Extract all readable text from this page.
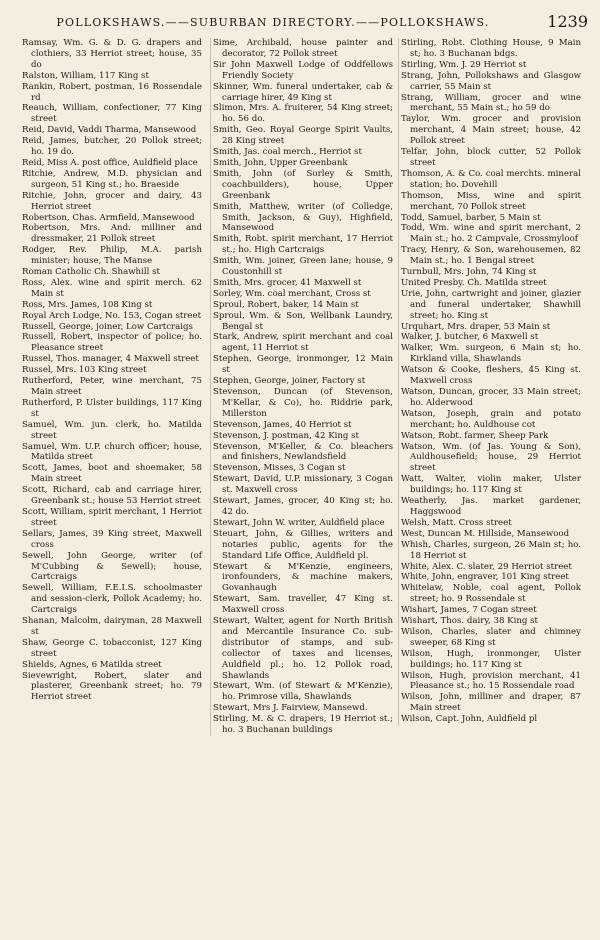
POLLOKSHAWS.——SUBURBAN DIRECTORY.——POLLOKSHAWS.	1239

Ramsay, Wm. G. & D. G. drapers and clothiers, 33 Herriot street; house, 35 do

Ralston, William, 117 King st

Rankin, Robert, postman, 16 Rossendale rd

Reauch, William, confectioner, 77 King street

Reid, David, Vaddi Tharma, Mansewood

Reid, James, butcher, 20 Pollok street; ho. 19 do.

Reid, Miss A. post office, Auldfield place

Ritchie, Andrew, M.D. physician and surgeon, 51 King st.; ho. Braeside

Ritchie, John, grocer and dairy, 43 Herriot street

Robertson, Chas. Armfield, Mansewood

Robertson, Mrs. And. milliner and dressmaker, 21 Pollok street

Rodger, Rev. Philip, M.A. parish minister; house, The Manse

Roman Catholic Ch. Shawhill st

Ross, Alex. wine and spirit merch. 62 Main st

Ross, Mrs. James, 108 King st

Royal Arch Lodge, No. 153, Cogan street

Russell, George, joiner, Low Cartcraigs

Russell, Robert, inspector of police; ho. Pleasance street

Russel, Thos. manager, 4 Maxwell street

Russel, Mrs. 103 King street

Rutherford, Peter, wine merchant, 75 Main street

Rutherford, P. Ulster buildings, 117 King st

Samuel, Wm. jun. clerk, ho. Matilda street

Samuel, Wm. U.P. church officer; house, Matilda street

Scott, James, boot and shoemaker, 58 Main street

Scott, Richard, cab and carriage hirer, Greenbank st.; house 53 Herriot street

Scott, William, spirit merchant, 1 Herriot street

Sellars, James, 39 King street, Maxwell cross

Sewell, John George, writer (of M'Cubbing & Sewell); house, Cartcraigs

Sewell, William, F.E.I.S. schoolmaster and session-clerk, Pollok Academy; ho. Cartcraigs

Shanan, Malcolm, dairyman, 28 Maxwell st

Shaw, George C. tobacconist, 127 King street

Shields, Agnes, 6 Matilda street

Sievewright, Robert, slater and plasterer, Greenbank street; ho. 79 Herriot street

Sime, Archibald, house painter and decorator, 72 Pollok street

Sir John Maxwell Lodge of Oddfellows Friendly Society

Skinner, Wm. funeral undertaker, cab & carriage hirer, 49 King st

Slimon, Mrs. A. fruiterer, 54 King street; ho. 56 do.

Smith, Geo. Royal George Spirit Vaults, 28 King street

Smith, Jas. coal merch., Herriot st

Smith, John, Upper Greenbank

Smith, John (of Sorley & Smith, coachbuilders), house, Upper Greenbank

Smith, Matthew, writer (of Colledge, Smith, Jackson, & Guy), Highfield, Mansewood

Smith, Robt. spirit merchant, 17 Herriot st.; ho. High Cartcraigs

Smith, Wm. joiner, Green lane; house, 9 Coustonhill st

Smith, Mrs. grocer, 41 Maxwell st

Sorley, Wm. coal merchant, Cross st

Sproul, Robert, baker, 14 Main st

Sproul, Wm. & Son, Wellbank Laundry, Bengal st

Stark, Andrew, spirit merchant and coal agent, 11 Herriot st

Stephen, George, ironmonger, 12 Main st

Stephen, George, joiner, Factory st

Stevenson, Duncan (of Stevenson, M'Kellar, & Co), ho. Riddrie park, Millerston

Stevenson, James, 40 Herriot st

Stevenson, J. postman, 42 King st

Stevenson, M'Keller, & Co. bleachers and finishers, Newlandsfield

Stevenson, Misses, 3 Cogan st

Stewart, David, U.P. missionary, 3 Cogan st. Maxwell cross

Stewart, James, grocer, 40 King st; ho. 42 do.

Stewart, John W. writer, Auldfield place

Steuart, John, & Gillies, writers and notaries public, agents for the Standard Life Office, Auldfield pl.

Stewart & M'Kenzie, engineers, ironfounders, & machine makers, Govanhaugh

Stewart, Sam. traveller, 47 King st. Maxwell cross

Stewart, Walter, agent for North British and Mercantile Insurance Co. sub-distributor of stamps, and sub-collector of taxes and licenses, Auldfield pl.; ho. 12 Pollok road, Shawlands

Stewart, Wm. (of Stewart & M'Kenzie), ho. Primrose villa, Shawlands

Stewart, Mrs J. Fairview, Mansewd.

Stirling, M. & C. drapers, 19 Herriot st.; ho. 3 Buchanan buildings

Stirling, Robt. Clothing House, 9 Main st; ho. 3 Buchanan bdgs.

Stirling, Wm. J. 29 Herriot st

Strang, John, Pollokshaws and Glasgow carrier, 55 Main st

Strang, William, grocer and wine merchant, 55 Main st.; ho 59 do

Taylor, Wm. grocer and provision merchant, 4 Main street; house, 42 Pollok street

Telfar, John, block cutter, 52 Pollok street

Thomson, A. & Co. coal merchts. mineral station; ho. Dovehill

Thomson, Miss, wine and spirit merchant, 70 Pollok street

Todd, Samuel, barber, 5 Main st

Todd, Wm. wine and spirit merchant, 2 Main st.; ho. 2 Campvale, Crossmyloof

Tracy, Henry, & Son, warehousemen, 82 Main st.; ho. 1 Bengal street

Turnbull, Mrs. John, 74 King st

United Presby. Ch. Matilda street

Urie, John, cartwright and joiner, glazier and funeral undertaker, Shawhill street; ho. King st

Urquhart, Mrs. draper, 53 Main st

Walker, J. butcher, 6 Maxwell st

Walker, Wm. surgeon, 6 Main st; ho. Kirkland villa, Shawlands

Watson & Cooke, fleshers, 45 King st. Maxwell cross

Watson, Duncan, grocer, 33 Main street; ho. Alderwood

Watson, Joseph, grain and potato merchant; ho. Auldhouse cot

Watson, Robt. farmer, Sheep Park

Watson, Wm. (of Jas. Young & Son), Auldhousefield; house, 29 Herriot street

Watt, Walter, violin maker, Ulster buildings; ho. 117 King st

Weatherly, Jas. market gardener, Haggswood

Welsh, Matt. Cross street

West, Duncan M. Hillside, Mansewood

Whish, Charles, surgeon, 26 Main st; ho. 18 Herriot st

White, Alex. C. slater, 29 Herriot street

White, John, engraver, 101 King street

Whitelaw, Noble, coal agent, Pollok street; ho. 9 Rossendale st

Wishart, James, 7 Cogan street

Wishart, Thos. dairy, 38 King st

Wilson, Charles, slater and chimney sweeper, 68 King st

Wilson, Hugh, ironmonger, Ulster buildings; ho. 117 King st

Wilson, Hugh, provision merchant, 41 Pleasance st.; ho. 15 Rossendale road

Wilson, John, milliner and draper, 87 Main street

Wilson, Capt. John, Auldfield pl
